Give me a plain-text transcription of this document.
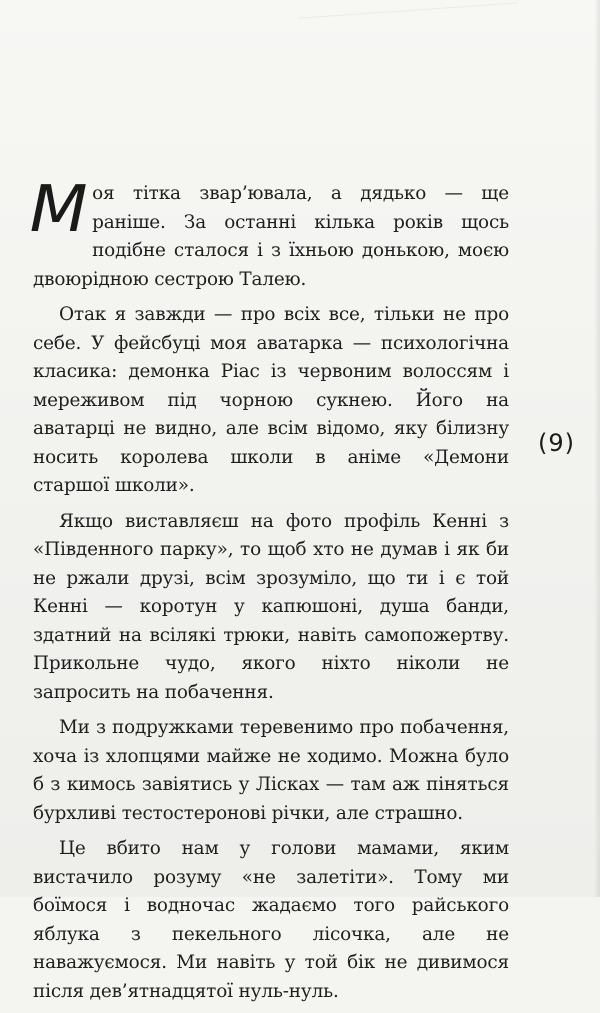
Моя тітка звар’ювала, а дядько — ще раніше. За останні кілька років щось подібне сталося і з їхньою донькою, моєю двоюрідною сестрою Талею.

Отак я завжди — про всіх все, тільки не про себе. У фейсбуці моя аватарка — психологічна класика: демонка Ріас із червоним волоссям і мереживом під чорною сукнею. Його на аватарці не видно, але всім відомо, яку білизну носить королева школи в аніме «Демони старшої школи».

Якщо виставляєш на фото профіль Кенні з «Південного парку», то щоб хто не думав і як би не ржали друзі, всім зрозуміло, що ти і є той Кенні — коротун у капюшоні, душа банди, здатний на всілякі трюки, навіть самопожертву. Прикольне чудо, якого ніхто ніколи не запросить на побачення.

Ми з подружками теревенимо про побачення, хоча із хлопцями майже не ходимо. Можна було б з кимось завіятись у Лісках — там аж піняться бурхливі тестостеронові річки, але страшно.

Це вбито нам у голови мамами, яким вистачило розуму «не залетіти». Тому ми боїмося і водночас жадаємо того райського яблука з пекельного лісочка, але не наважуємося. Ми навіть у той бік не дивимося після дев’ятнадцятої нуль-нуль.

(9)
